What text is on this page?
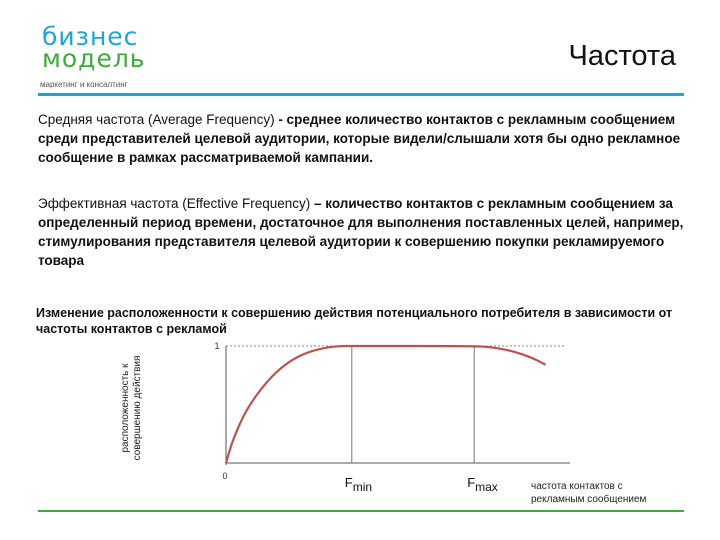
бизнес
модель
маркетинг и консалтинг
Частота
Средняя частота (Average Frequency) - среднее количество контактов с рекламным сообщением среди представителей целевой аудитории, которые видели/слышали хотя бы одно рекламное сообщение в рамках рассматриваемой кампании.
Эффективная частота (Effective Frequency) – количество контактов с рекламным сообщением за определенный период времени, достаточное для выполнения поставленных целей, например, стимулирования представителя целевой аудитории к совершению покупки рекламируемого товара
Изменение расположенности к совершению действия потенциального потребителя в зависимости от частоты контактов с рекламой
1
0	Fmin	Fmax
расположенность ксовершению действия
частота контактов с рекламным сообщением
